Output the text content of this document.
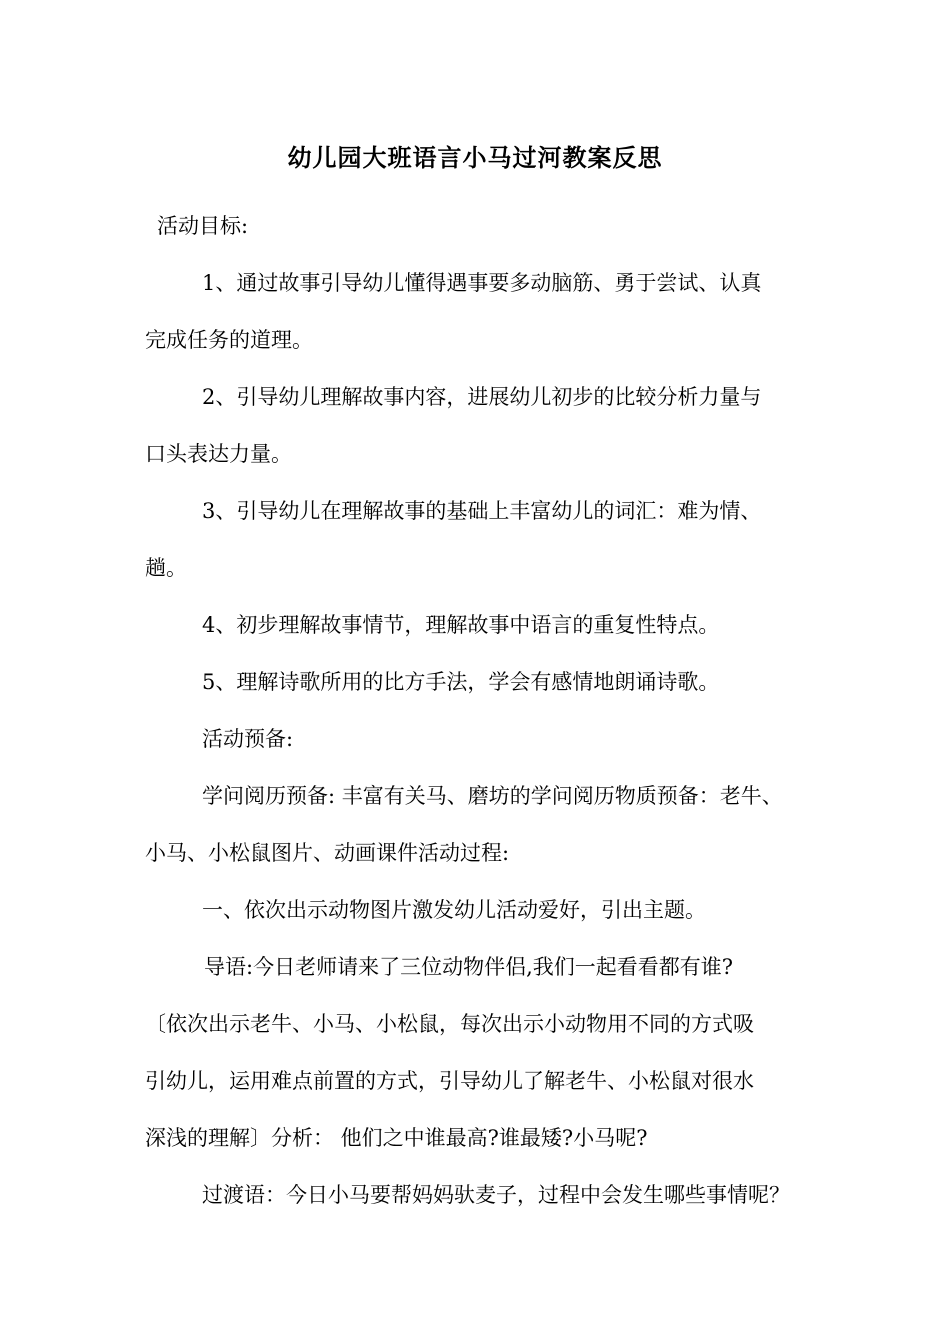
幼儿园大班语言小马过河教案反思
活动目标:
1、通过故事引导幼儿懂得遇事要多动脑筋、勇于尝试、认真
完成任务的道理。
2、引导幼儿理解故事内容，进展幼儿初步的比较分析力量与
口头表达力量。
3、引导幼儿在理解故事的基础上丰富幼儿的词汇：难为情、
趟。
4、初步理解故事情节，理解故事中语言的重复性特点。
5、理解诗歌所用的比方手法，学会有感情地朗诵诗歌。
活动预备:
学问阅历预备: 丰富有关马、磨坊的学问阅历物质预备：老牛、
小马、小松鼠图片、动画课件活动过程:
一、依次出示动物图片激发幼儿活动爱好，引出主题。
导语:今日老师请来了三位动物伴侣,我们一起看看都有谁?
〔依次出示老牛、小马、小松鼠，每次出示小动物用不同的方式吸
引幼儿，运用难点前置的方式，引导幼儿了解老牛、小松鼠对很水
深浅的理解〕分析： 他们之中谁最高?谁最矮?小马呢?
过渡语：今日小马要帮妈妈驮麦子，过程中会发生哪些事情呢？
